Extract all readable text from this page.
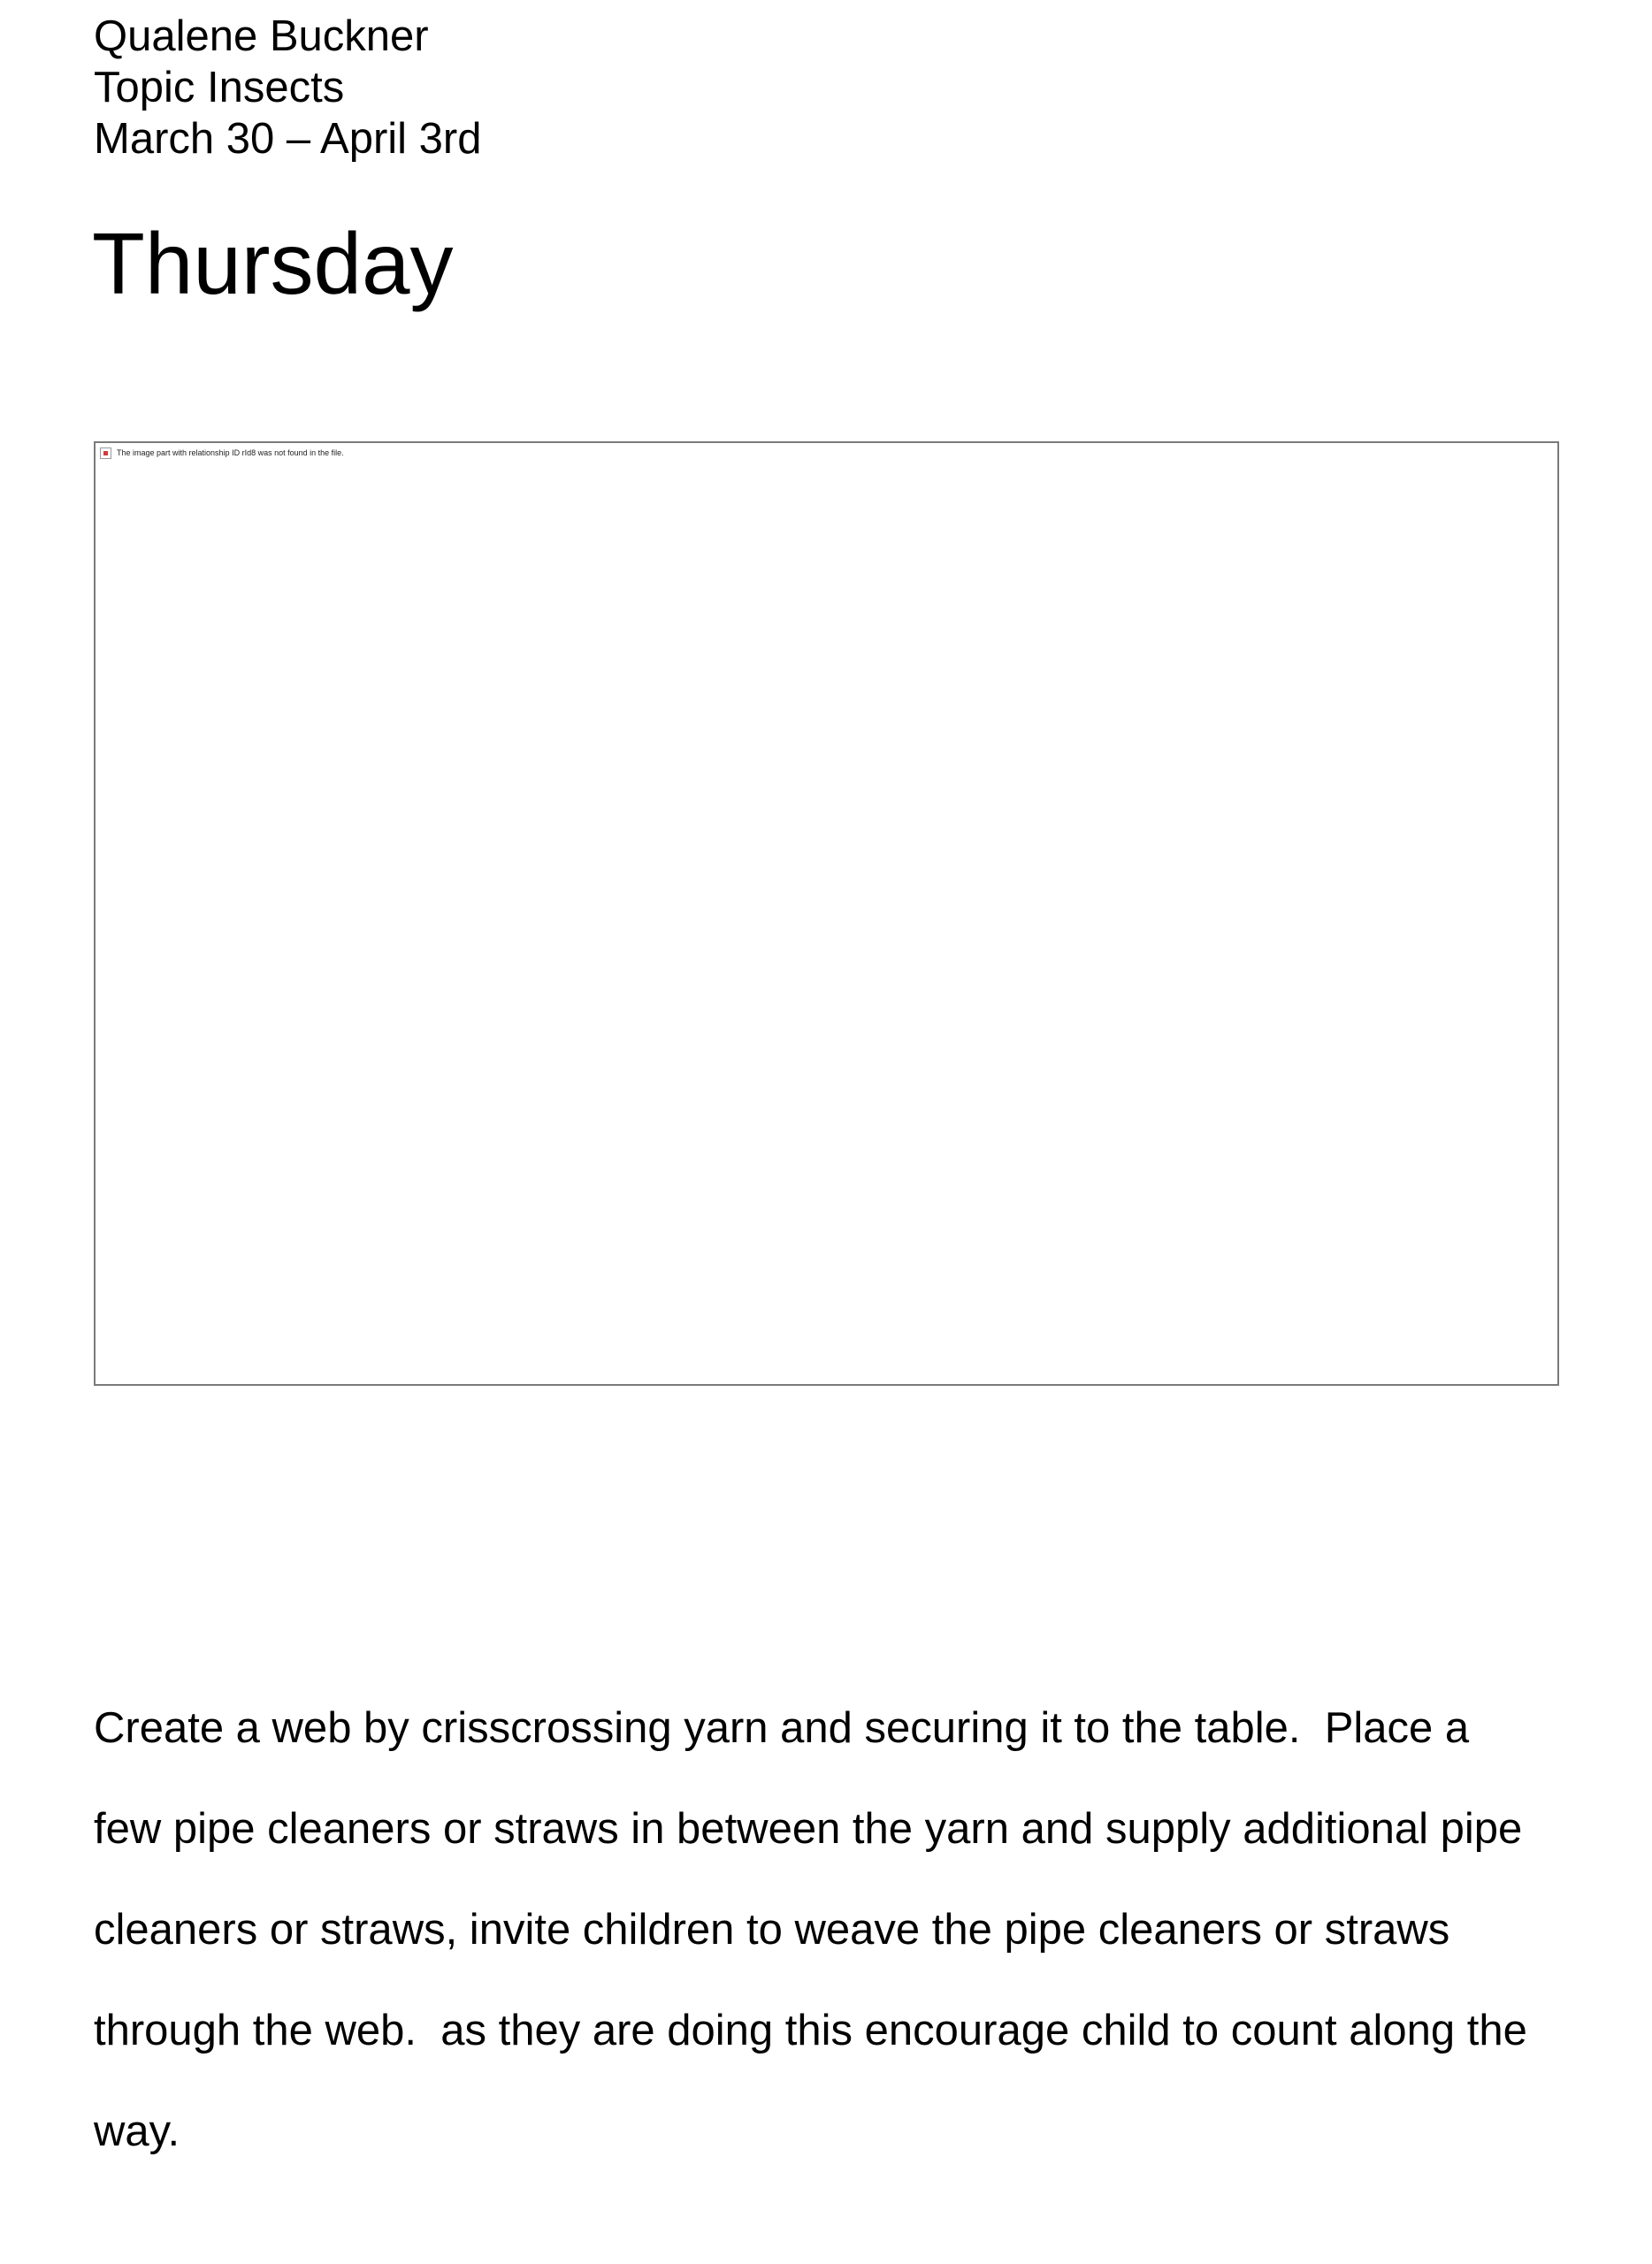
Qualene Buckner
Topic Insects
March 30 – April 3rd
Thursday
The image part with relationship ID rId8 was not found in the file.

Create a web by crisscrossing yarn and securing it to the table.  Place a
few pipe cleaners or straws in between the yarn and supply additional pipe
cleaners or straws, invite children to weave the pipe cleaners or straws
through the web.  as they are doing this encourage child to count along the
way.
